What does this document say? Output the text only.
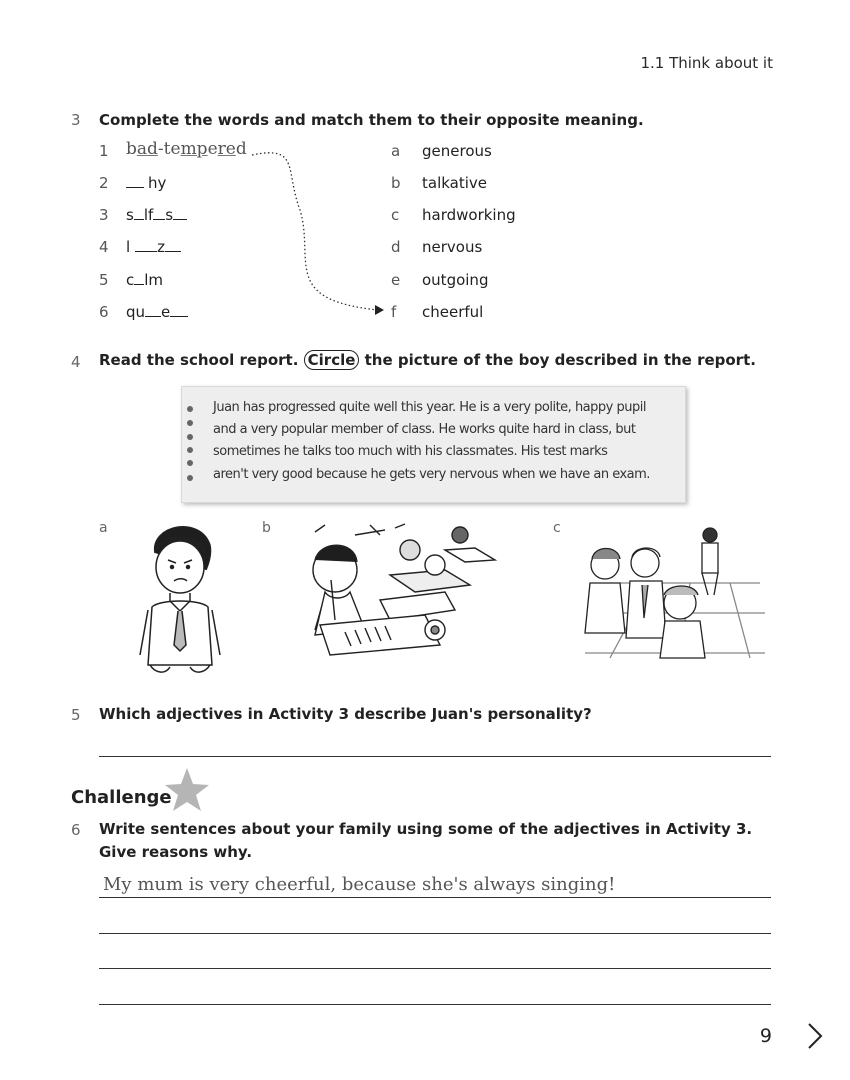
1.1 Think about it
3 Complete the words and match them to their opposite meaning.
1
2
3
4
5
6
bad-tempered
hy
s lf s
l z
c lm
qu e
a generous
b talkative
c hardworking
d nervous
e outgoing
f cheerful
4 Read the school report. Circle the picture of the boy described in the report.
Juan has progressed quite well this year. He is a very polite, happy pupil
and a very popular member of class. He works quite hard in class, but
sometimes he talks too much with his classmates. His test marks
aren't very good because he gets very nervous when we have an exam.
a	b	c
5 Which adjectives in Activity 3 describe Juan's personality?
Challenge
6 Write sentences about your family using some of the adjectives in Activity 3.
Give reasons why.
My mum is very cheerful, because she's always singing!
9
